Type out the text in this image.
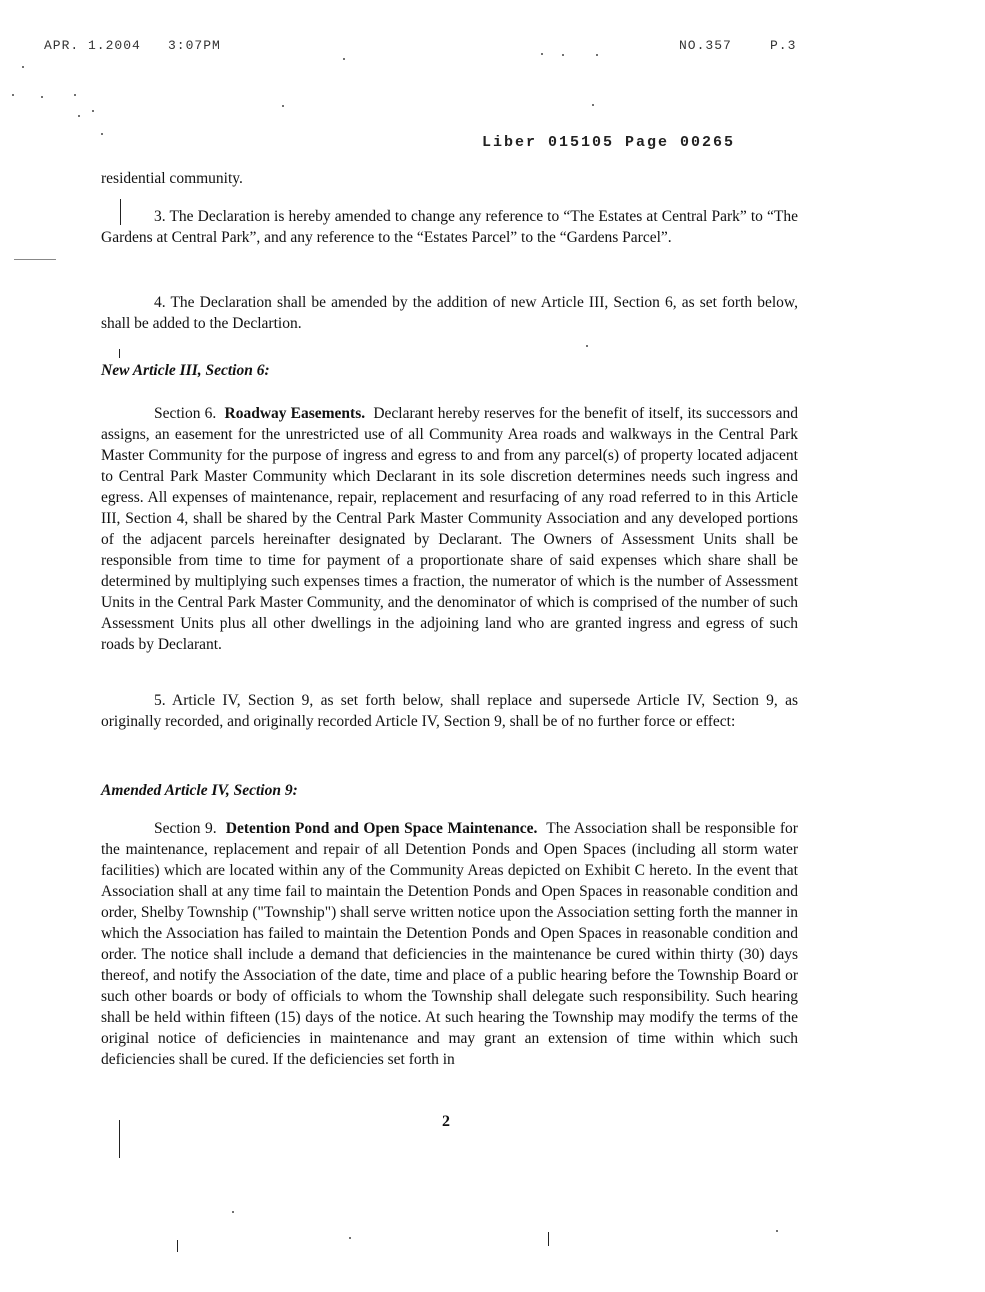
APR. 1.2004 3:07PM	NO.357	P.3
Liber 015105 Page 00265

residential community.

3. The Declaration is hereby amended to change any reference to “The Estates at Central Park” to “The Gardens at Central Park”, and any reference to the “Estates Parcel” to the “Gardens Parcel”.

4. The Declaration shall be amended by the addition of new Article III, Section 6, as set forth below, shall be added to the Declartion.

New Article III, Section 6:

Section 6. Roadway Easements. Declarant hereby reserves for the benefit of itself, its successors and assigns, an easement for the unrestricted use of all Community Area roads and walkways in the Central Park Master Community for the purpose of ingress and egress to and from any parcel(s) of property located adjacent to Central Park Master Community which Declarant in its sole discretion determines needs such ingress and egress. All expenses of maintenance, repair, replacement and resurfacing of any road referred to in this Article III, Section 4, shall be shared by the Central Park Master Community Association and any developed portions of the adjacent parcels hereinafter designated by Declarant. The Owners of Assessment Units shall be responsible from time to time for payment of a proportionate share of said expenses which share shall be determined by multiplying such expenses times a fraction, the numerator of which is the number of Assessment Units in the Central Park Master Community, and the denominator of which is comprised of the number of such Assessment Units plus all other dwellings in the adjoining land who are granted ingress and egress of such roads by Declarant.

5. Article IV, Section 9, as set forth below, shall replace and supersede Article IV, Section 9, as originally recorded, and originally recorded Article IV, Section 9, shall be of no further force or effect:

Amended Article IV, Section 9:

Section 9. Detention Pond and Open Space Maintenance. The Association shall be responsible for the maintenance, replacement and repair of all Detention Ponds and Open Spaces (including all storm water facilities) which are located within any of the Community Areas depicted on Exhibit C hereto. In the event that Association shall at any time fail to maintain the Detention Ponds and Open Spaces in reasonable condition and order, Shelby Township ("Township") shall serve written notice upon the Association setting forth the manner in which the Association has failed to maintain the Detention Ponds and Open Spaces in reasonable condition and order. The notice shall include a demand that deficiencies in the maintenance be cured within thirty (30) days thereof, and notify the Association of the date, time and place of a public hearing before the Township Board or such other boards or body of officials to whom the Township shall delegate such responsibility. Such hearing shall be held within fifteen (15) days of the notice. At such hearing the Township may modify the terms of the original notice of deficiencies in maintenance and may grant an extension of time within which such deficiencies shall be cured. If the deficiencies set forth in

2
